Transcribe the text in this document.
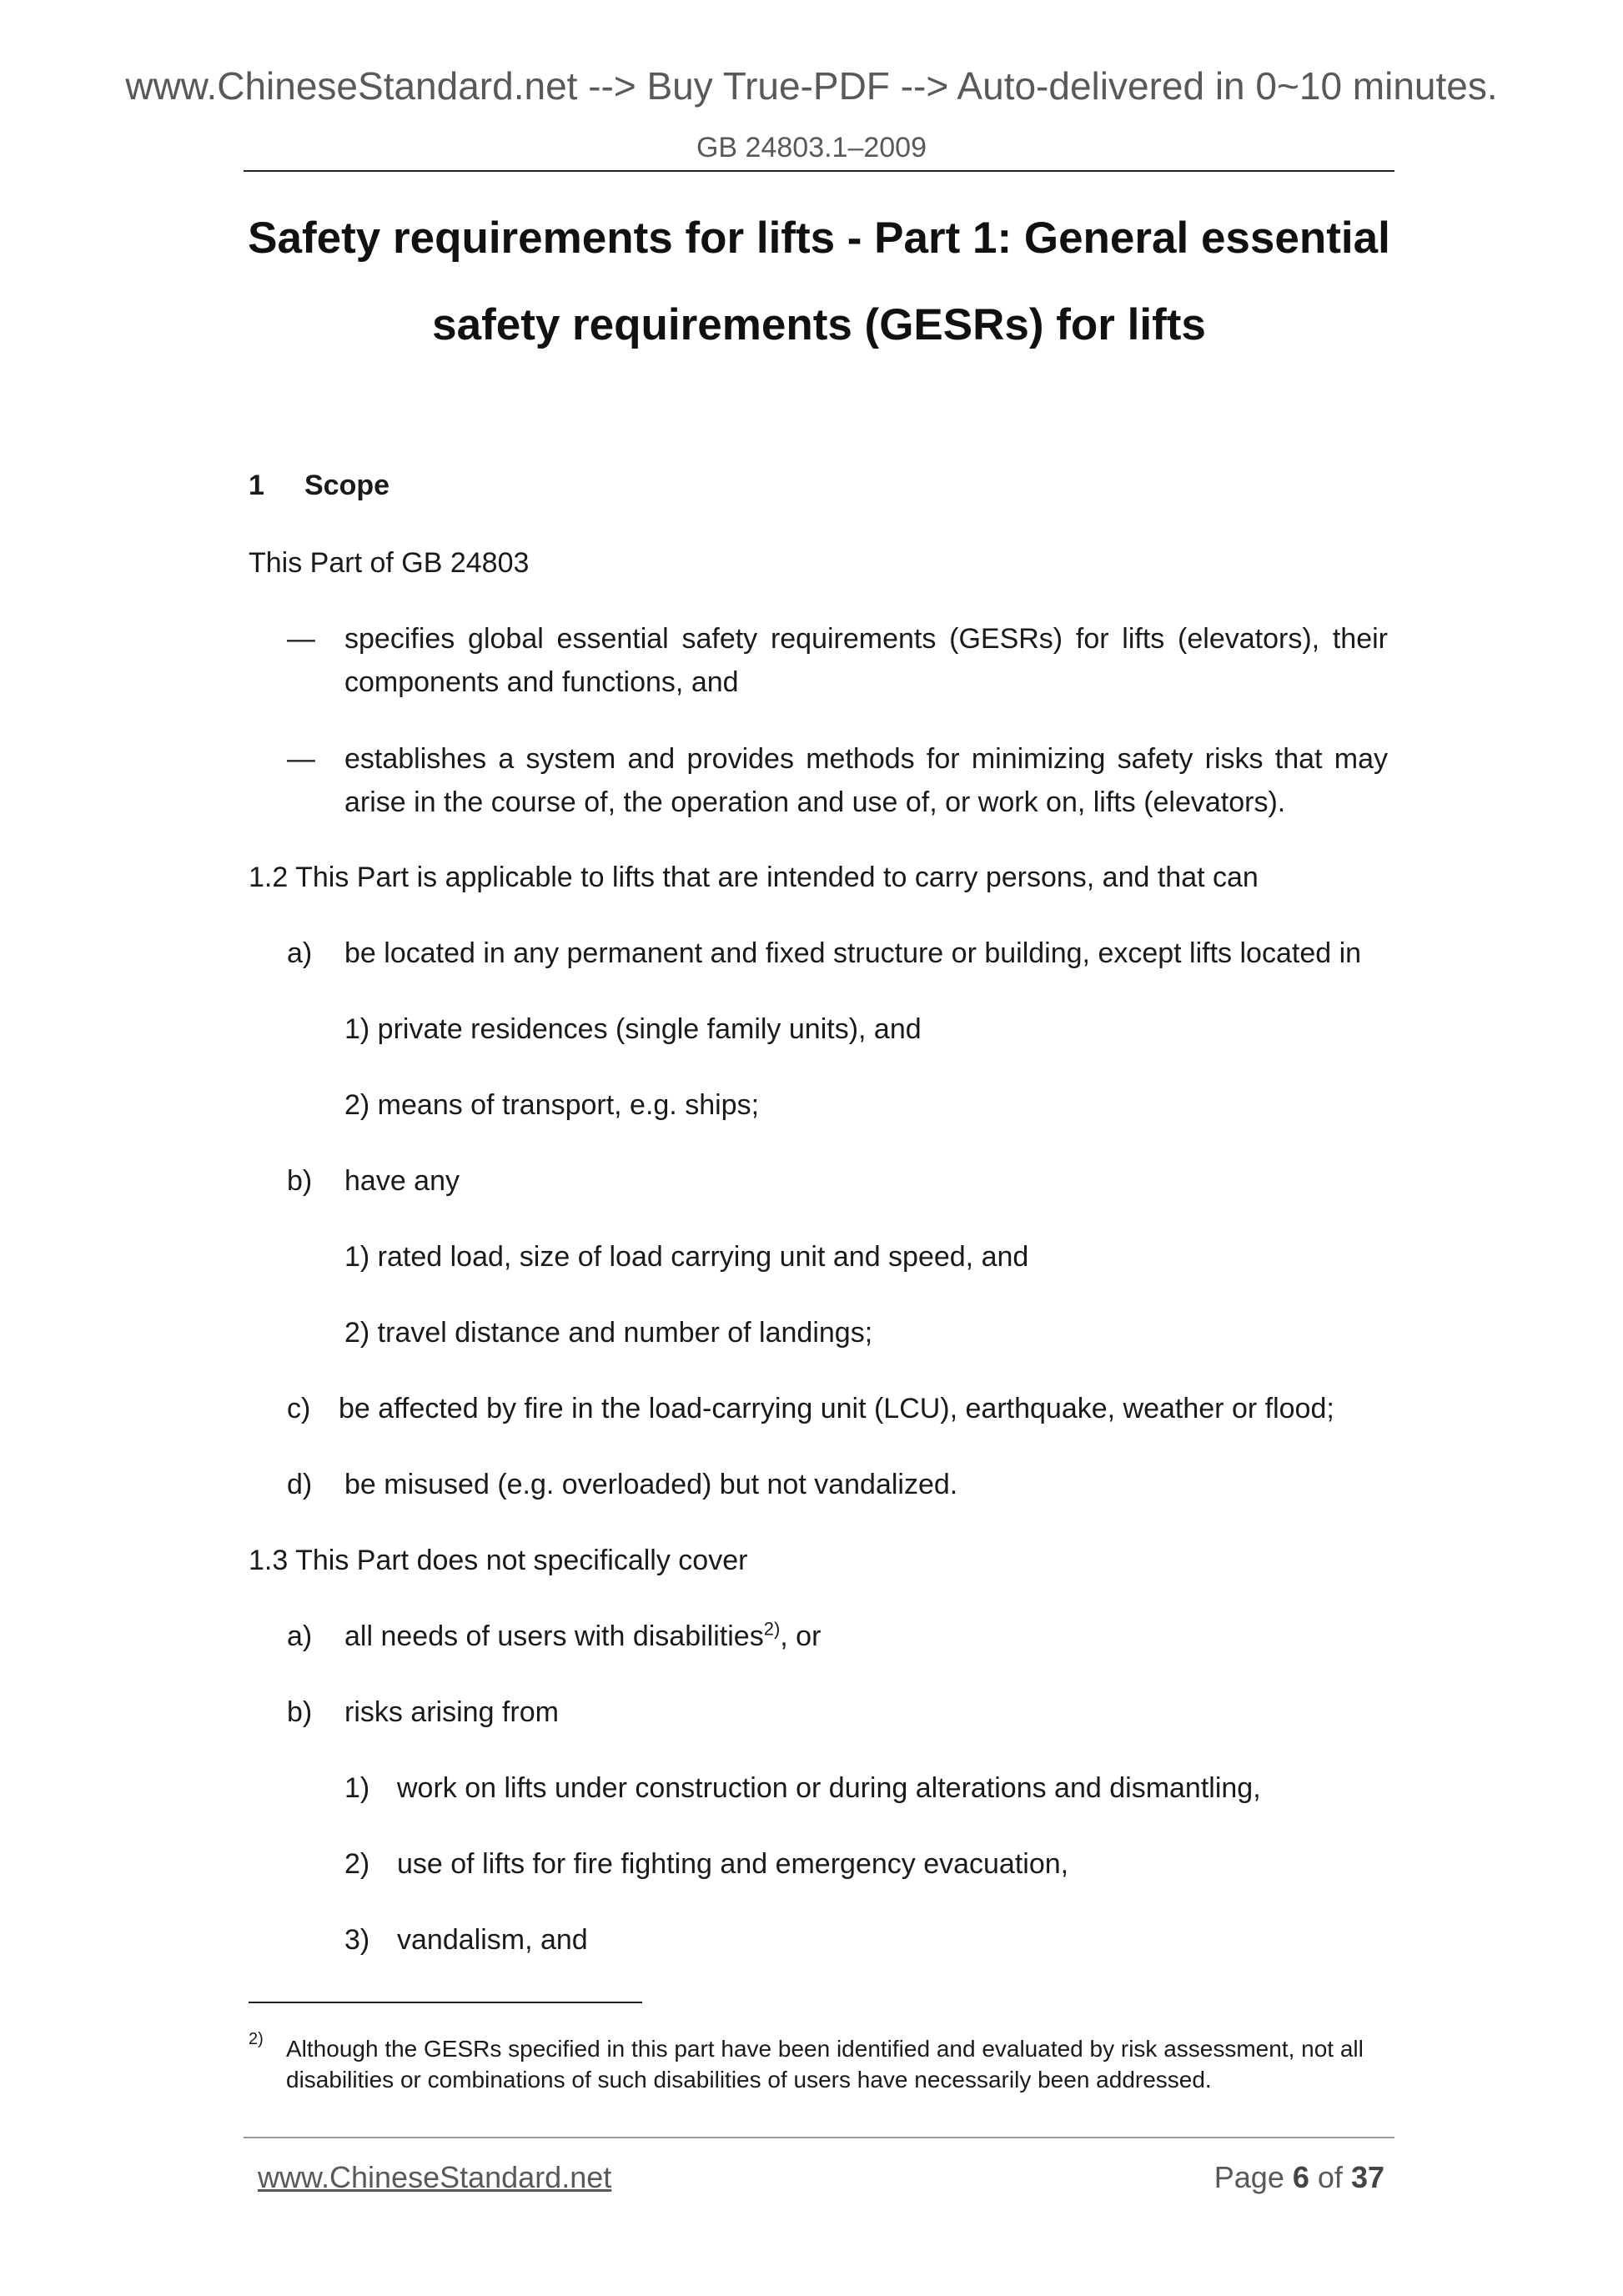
www.ChineseStandard.net --> Buy True-PDF --> Auto-delivered in 0~10 minutes.
GB 24803.1–2009
Safety requirements for lifts - Part 1: General essential
safety requirements (GESRs) for lifts
1 Scope
This Part of GB 24803
— specifies global essential safety requirements (GESRs) for lifts (elevators), their
components and functions, and
— establishes a system and provides methods for minimizing safety risks that may
arise in the course of, the operation and use of, or work on, lifts (elevators).
1.2 This Part is applicable to lifts that are intended to carry persons, and that can
a) be located in any permanent and fixed structure or building, except lifts located in
1) private residences (single family units), and
2) means of transport, e.g. ships;
b) have any
1) rated load, size of load carrying unit and speed, and
2) travel distance and number of landings;
c) be affected by fire in the load-carrying unit (LCU), earthquake, weather or flood;
d) be misused (e.g. overloaded) but not vandalized.
1.3 This Part does not specifically cover
a) all needs of users with disabilities$^{2)}$, or
b) risks arising from
1) work on lifts under construction or during alterations and dismantling,
2) use of lifts for fire fighting and emergency evacuation,
3) vandalism, and
2) Although the GESRs specified in this part have been identified and evaluated by risk assessment, not all disabilities or combinations of such disabilities of users have necessarily been addressed.
www.ChineseStandard.net	Page 6 of 37
